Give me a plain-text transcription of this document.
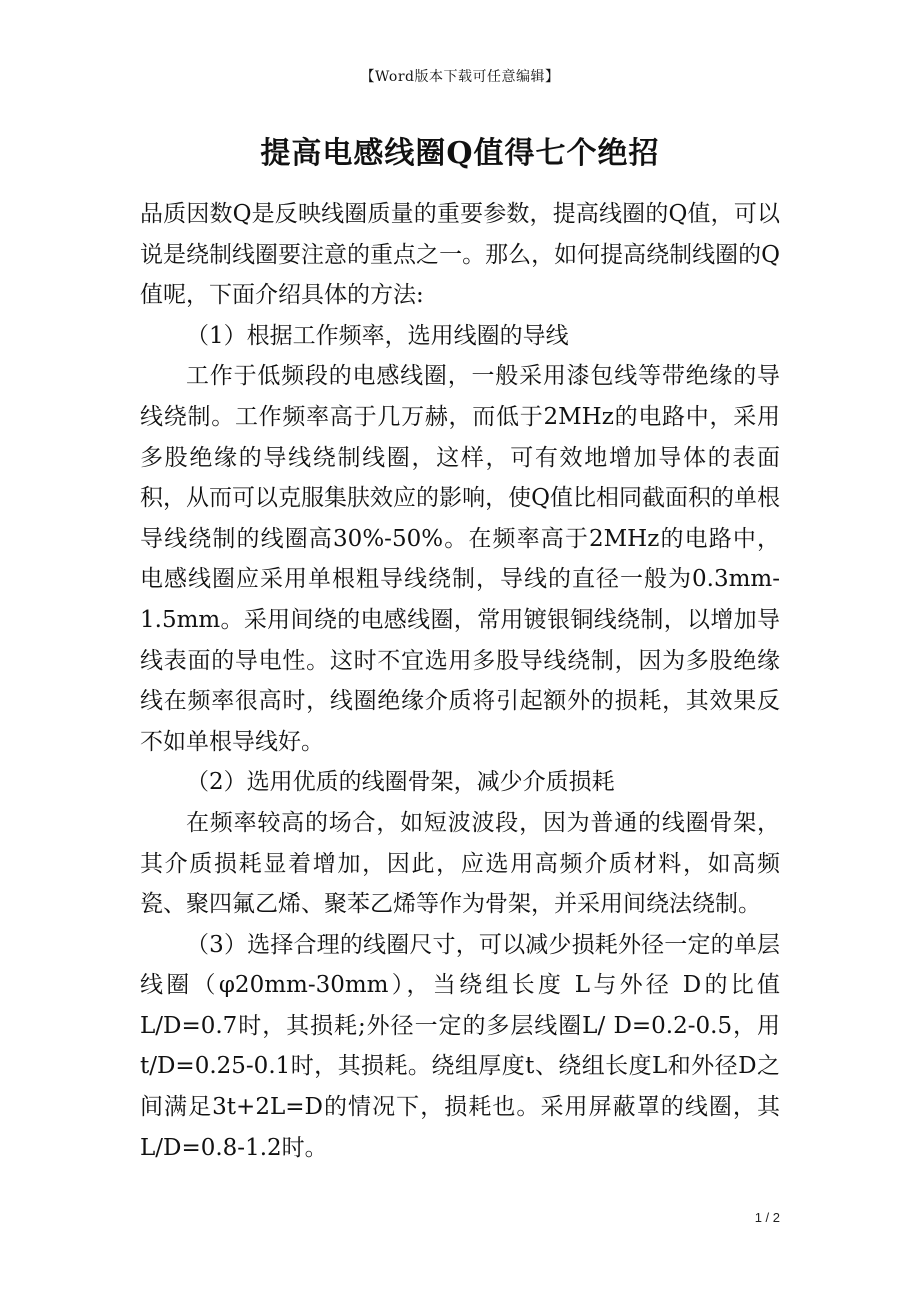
【Word版本下载可任意编辑】
提高电感线圈Q值得七个绝招

品质因数Q是反映线圈质量的重要参数，提高线圈的Q值，可以说是绕制线圈要注意的重点之一。那么，如何提高绕制线圈的Q值呢，下面介绍具体的方法:

（1）根据工作频率，选用线圈的导线

工作于低频段的电感线圈，一般采用漆包线等带绝缘的导线绕制。工作频率高于几万赫，而低于2MHz的电路中，采用多股绝缘的导线绕制线圈，这样，可有效地增加导体的表面积，从而可以克服集肤效应的影响，使Q值比相同截面积的单根导线绕制的线圈高30%-50%。在频率高于2MHz的电路中，电感线圈应采用单根粗导线绕制，导线的直径一般为0.3mm-1.5mm。采用间绕的电感线圈，常用镀银铜线绕制，以增加导线表面的导电性。这时不宜选用多股导线绕制，因为多股绝缘线在频率很高时，线圈绝缘介质将引起额外的损耗，其效果反不如单根导线好。

（2）选用优质的线圈骨架，减少介质损耗

在频率较高的场合，如短波波段，因为普通的线圈骨架，其介质损耗显着增加，因此，应选用高频介质材料，如高频瓷、聚四氟乙烯、聚苯乙烯等作为骨架，并采用间绕法绕制。

（3）选择合理的线圈尺寸，可以减少损耗外径一定的单层线圈（φ20mm-30mm），当绕组长度 L与外径 D的比值L/D=0.7时，其损耗;外径一定的多层线圈L/ D=0.2-0.5，用t/D=0.25-0.1时，其损耗。绕组厚度t、绕组长度L和外径D之间满足3t+2L=D的情况下，损耗也。采用屏蔽罩的线圈，其L/D=0.8-1.2时。

1 / 2
